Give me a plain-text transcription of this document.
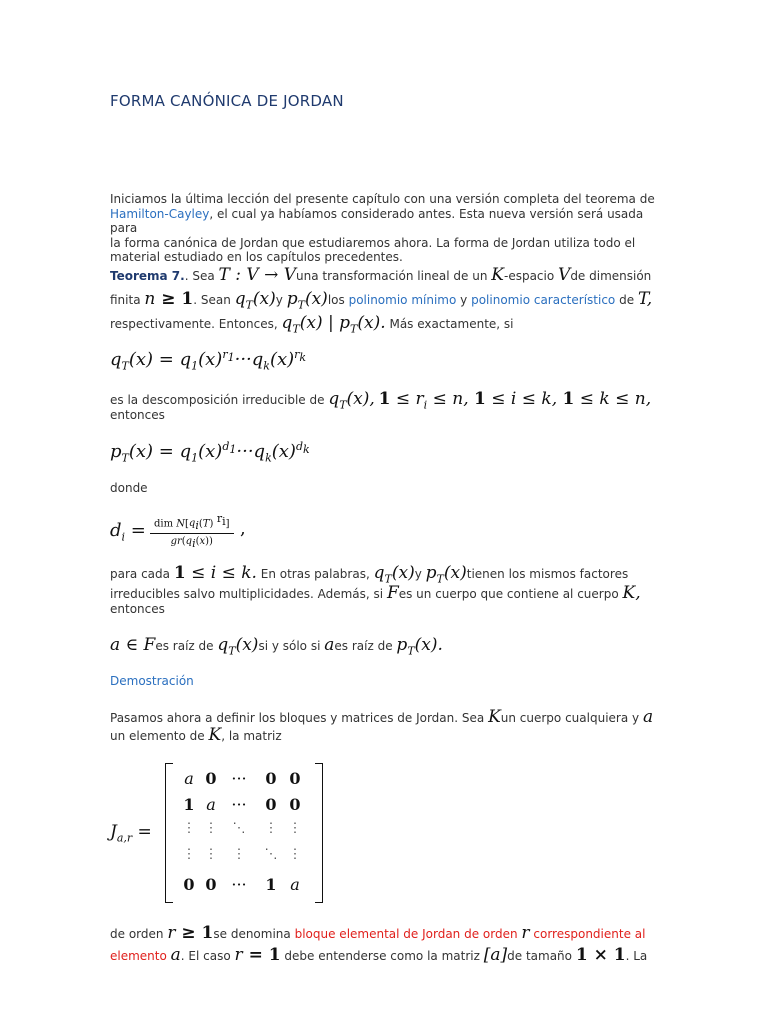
FORMA CANÓNICA DE JORDAN
Iniciamos la última lección del presente capítulo con una versión completa del teorema de
Hamilton-Cayley, el cual ya habíamos considerado antes. Esta nueva versión será usada para
la forma canónica de Jordan que estudiaremos ahora. La forma de Jordan utiliza todo el
material estudiado en los capítulos precedentes.
Teorema 7.. Sea T : V → Vuna transformación lineal de un K-espacio Vde dimensión
finita n ≥ 1. Sean $q_T(x)y$ $p_T(x)los$ polinomio mínimo y polinomio característico de T,
respectivamente. Entonces, $q_T(x)$ | $p_T(x)$. Más exactamente, si
$q_T(x) = q_1(x)^{r_1}\cdot\cdot\cdot q_k(x)^{r_k}$
es la descomposición irreducible de $q_T(x)$, $1 \le r_i \le n$, 1 ≤ i ≤ k, 1 ≤ k ≤ n,
entonces
$p_T(x) = q_1(x)^{d_1}\cdot\cdot\cdot q_k(x)^{d_k}$
donde
$d_i$ = dim $N[q_i(T)$ $^{r_i}$]
$gr(q_i(x))$
,
para cada 1 ≤ i ≤ k. En otras palabras, $q_T(x)y$ $p_T(x)tienen$ los mismos factores
irreducibles salvo multiplicidades. Además, si Fes un cuerpo que contiene al cuerpo K,
entonces
a ∈ Fes raíz de $q_T(x)si$ y sólo si aes raíz de $p_T(x)$.
Demostración
Pasamos ahora a definir los bloques y matrices de Jordan. Sea Kun cuerpo cualquiera y a
un elemento de K, la matriz
$J_{a,r}$ =
a 0 ···	0 0
1 a ···	0 0
⋮ ⋮	⋱	⋮ ⋮
⋮ ⋮	⋮	⋱ ⋮
0 0 ···	1 a
de orden r ≥ 1se denomina bloque elemental de Jordan de orden r correspondiente al
elemento a. El caso r = 1 debe entenderse como la matriz [a]de tamaño 1 × 1. La
